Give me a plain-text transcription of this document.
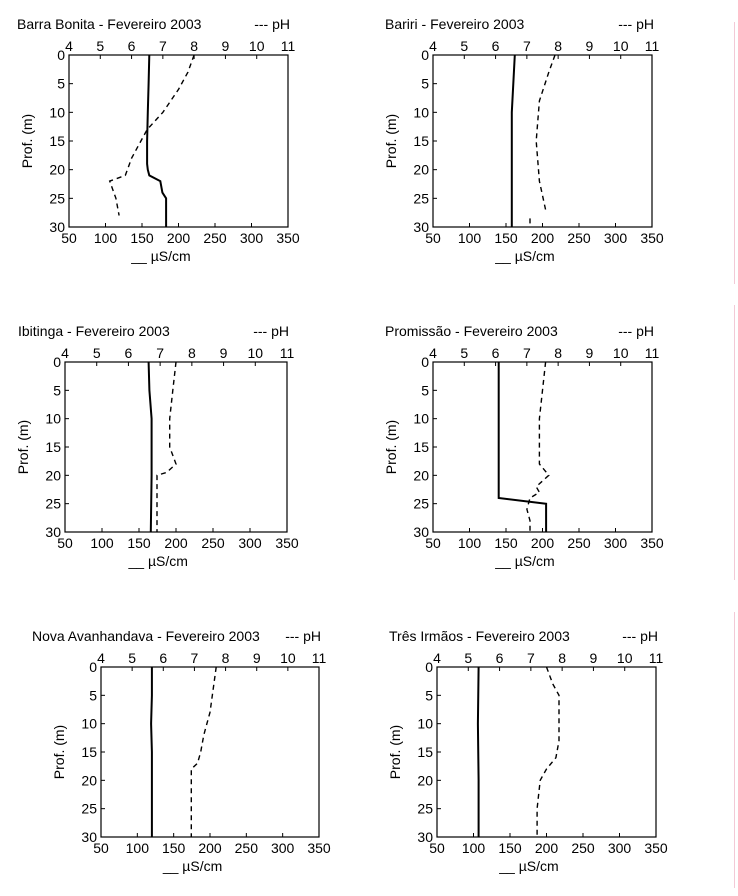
50 100 150 200 250 300 350
4 5 6 7 8 9 10 11
0
5
10
15
20
25
30
Barra Bonita - Fevereiro 2003	--- pH
Prof. (m)
__ µS/cm
50 100 150 200 250 300 350
4 5 6 7 8 9 10 11
0
5
10
15
20
25
30
Bariri - Fevereiro 2003	--- pH
Prof. (m)
__ µS/cm
50 100 150 200 250 300 350
4 5 6 7 8 9 10 11
0
5
10
15
20
25
30
Ibitinga - Fevereiro 2003	--- pH
Prof. (m)
__ µS/cm
50 100 150 200 250 300 350
4 5 6 7 8 9 10 11
0
5
10
15
20
25
30
Promissão - Fevereiro 2003	--- pH
Prof. (m)
__ µS/cm
50 100 150 200 250 300 350
4 5 6 7 8 9 10 11
0
5
10
15
20
25
30
Nova Avanhandava - Fevereiro 2003 --- pH
Prof. (m)
__ µS/cm
50 100 150 200 250 300 350
4 5 6 7 8 9 10 11
0
5
10
15
20
25
30
Três Irmãos - Fevereiro 2003	--- pH
Prof. (m)
__ µS/cm
